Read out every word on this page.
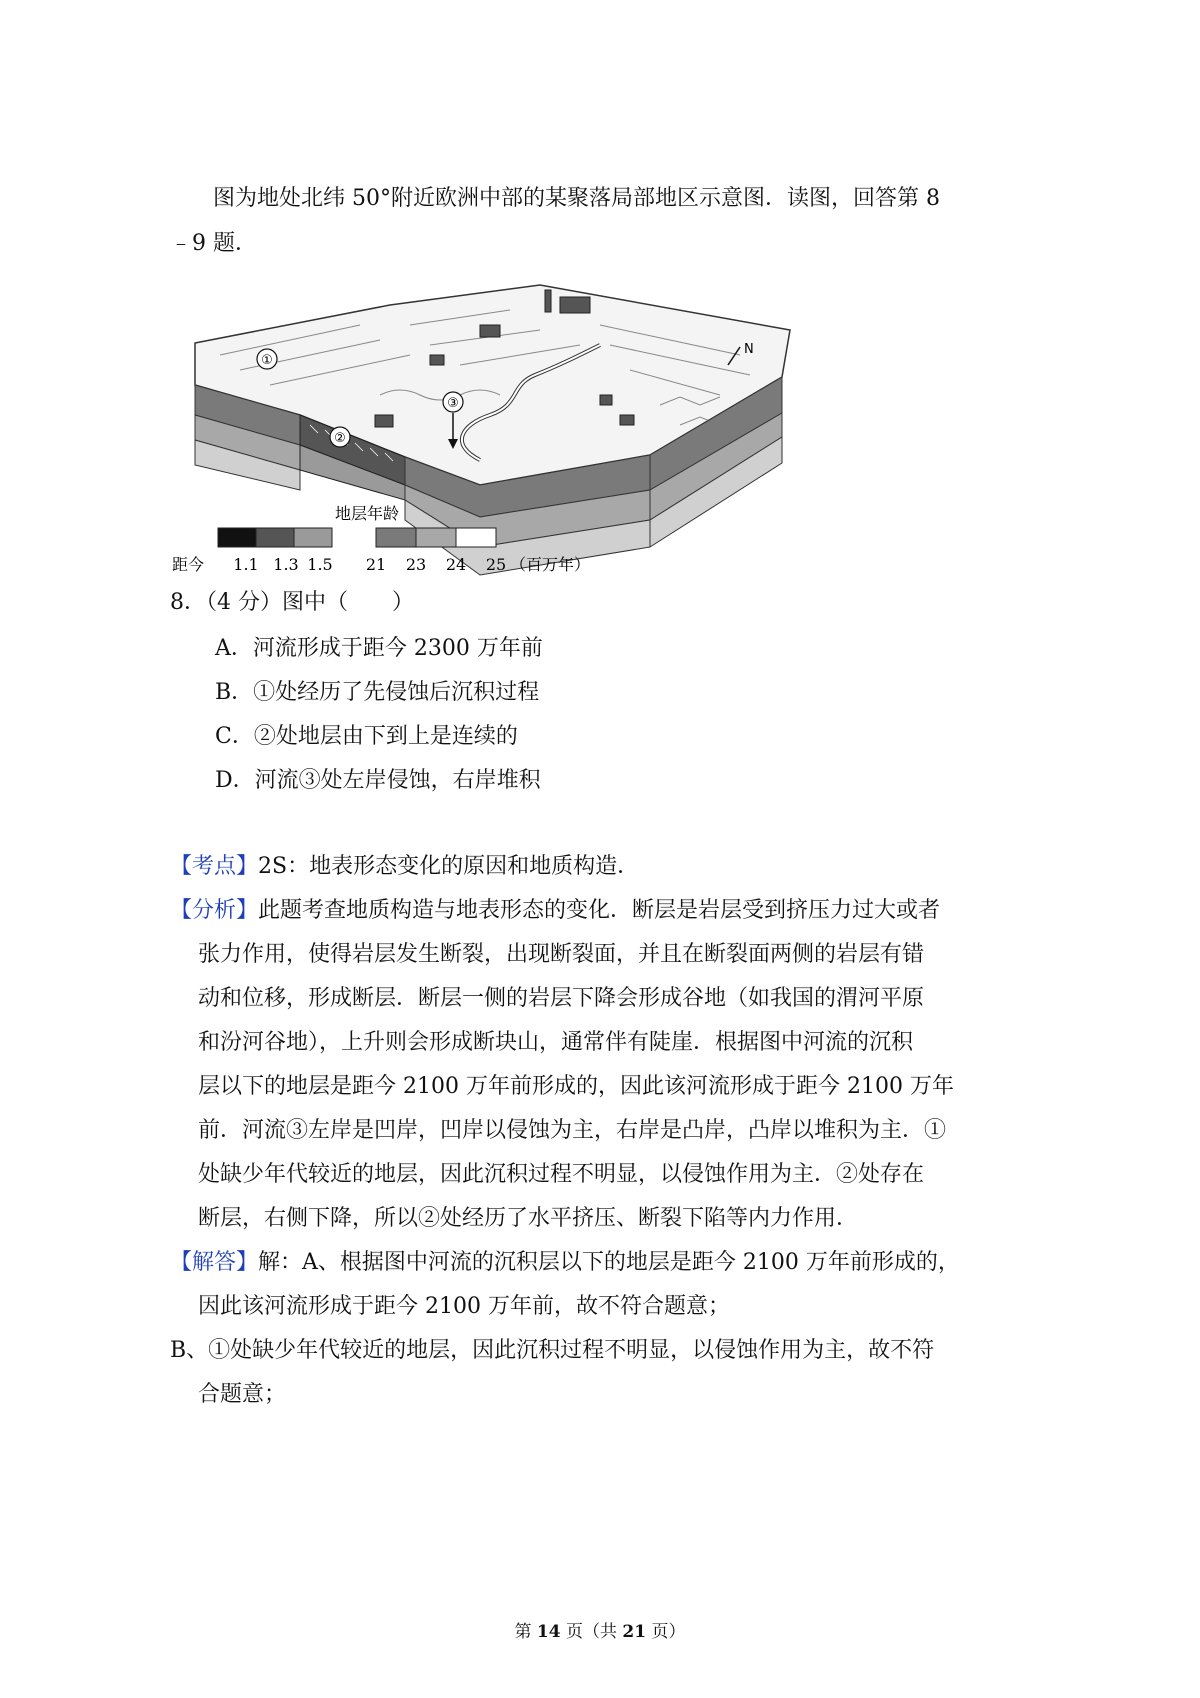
图为地处北纬 50°附近欧洲中部的某聚落局部地区示意图．读图，回答第 8
﹣9 题．
①
②
③
N
地层年龄
距今 1.1 1.3 1.5 21 23 24 25 （百万年）
8．（4 分）图中（　　）
A．河流形成于距今 2300 万年前
B．①处经历了先侵蚀后沉积过程
C．②处地层由下到上是连续的
D．河流③处左岸侵蚀，右岸堆积
【考点】2S：地表形态变化的原因和地质构造．
【分析】此题考查地质构造与地表形态的变化．断层是岩层受到挤压力过大或者
张力作用，使得岩层发生断裂，出现断裂面，并且在断裂面两侧的岩层有错
动和位移，形成断层．断层一侧的岩层下降会形成谷地（如我国的渭河平原
和汾河谷地），上升则会形成断块山，通常伴有陡崖．根据图中河流的沉积
层以下的地层是距今 2100 万年前形成的，因此该河流形成于距今 2100 万年
前．河流③左岸是凹岸，凹岸以侵蚀为主，右岸是凸岸，凸岸以堆积为主．①
处缺少年代较近的地层，因此沉积过程不明显，以侵蚀作用为主．②处存在
断层，右侧下降，所以②处经历了水平挤压、断裂下陷等内力作用．
【解答】解：A、根据图中河流的沉积层以下的地层是距今 2100 万年前形成的，
因此该河流形成于距今 2100 万年前，故不符合题意；
B、①处缺少年代较近的地层，因此沉积过程不明显，以侵蚀作用为主，故不符
合题意；
第 14 页（共 21 页）
